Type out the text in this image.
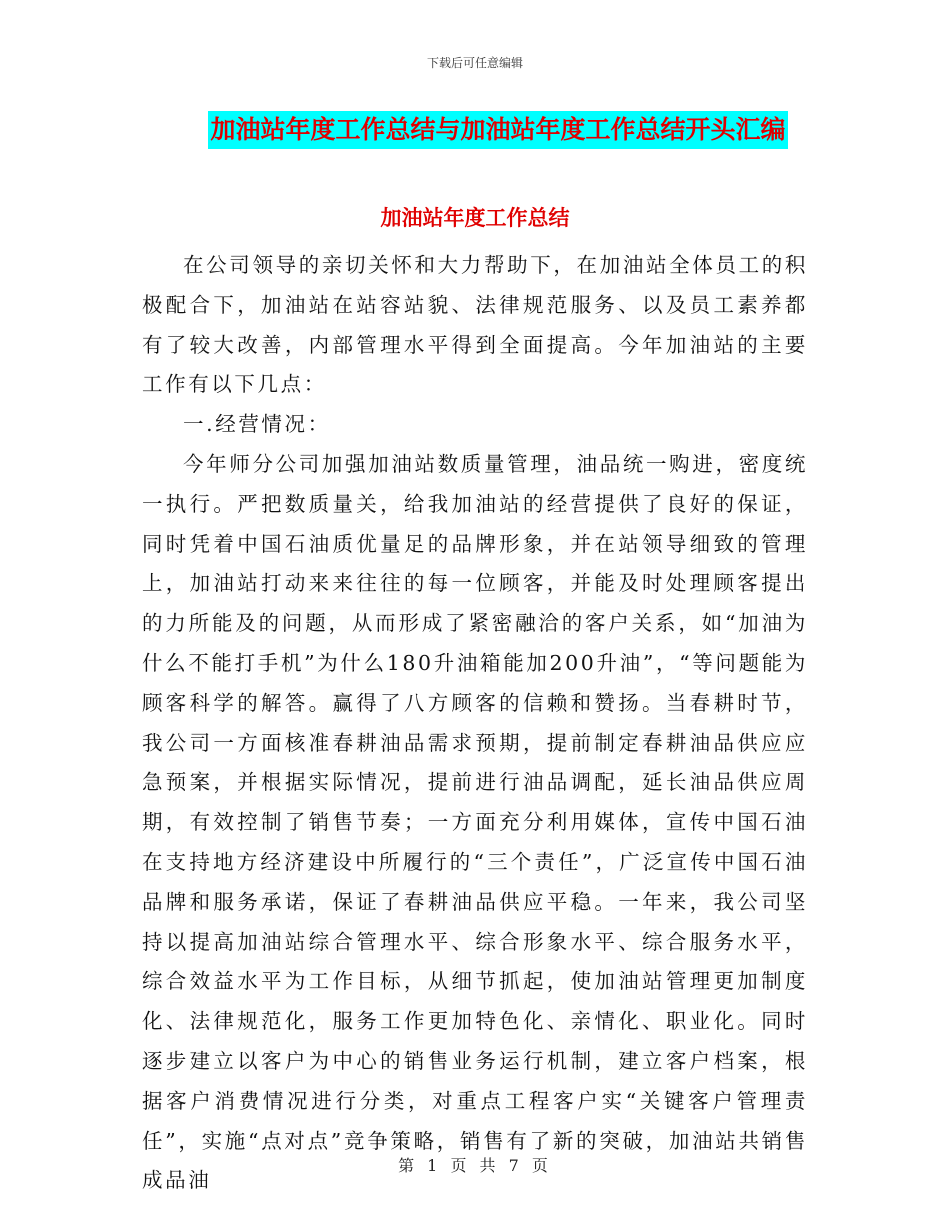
下载后可任意编辑
加油站年度工作总结与加油站年度工作总结开头汇编
加油站年度工作总结

在公司领导的亲切关怀和大力帮助下，在加油站全体员工的积极配合下，加油站在站容站貌、法律规范服务、以及员工素养都有了较大改善，内部管理水平得到全面提高。今年加油站的主要工作有以下几点：

一.经营情况：

今年师分公司加强加油站数质量管理，油品统一购进，密度统一执行。严把数质量关，给我加油站的经营提供了良好的保证，同时凭着中国石油质优量足的品牌形象，并在站领导细致的管理上，加油站打动来来往往的每一位顾客，并能及时处理顾客提出的力所能及的问题，从而形成了紧密融洽的客户关系，如“加油为什么不能打手机”为什么180升油箱能加200升油”，“等问题能为顾客科学的解答。赢得了八方顾客的信赖和赞扬。当春耕时节，我公司一方面核准春耕油品需求预期，提前制定春耕油品供应应急预案，并根据实际情况，提前进行油品调配，延长油品供应周期，有效控制了销售节奏；一方面充分利用媒体，宣传中国石油在支持地方经济建设中所履行的“三个责任”，广泛宣传中国石油品牌和服务承诺，保证了春耕油品供应平稳。一年来，我公司坚持以提高加油站综合管理水平、综合形象水平、综合服务水平，综合效益水平为工作目标，从细节抓起，使加油站管理更加制度化、法律规范化，服务工作更加特色化、亲情化、职业化。同时逐步建立以客户为中心的销售业务运行机制，建立客户档案，根据客户消费情况进行分类，对重点工程客户实“关键客户管理责任”，实施“点对点”竞争策略，销售有了新的突破，加油站共销售成品油

第 1 页 共 7 页
